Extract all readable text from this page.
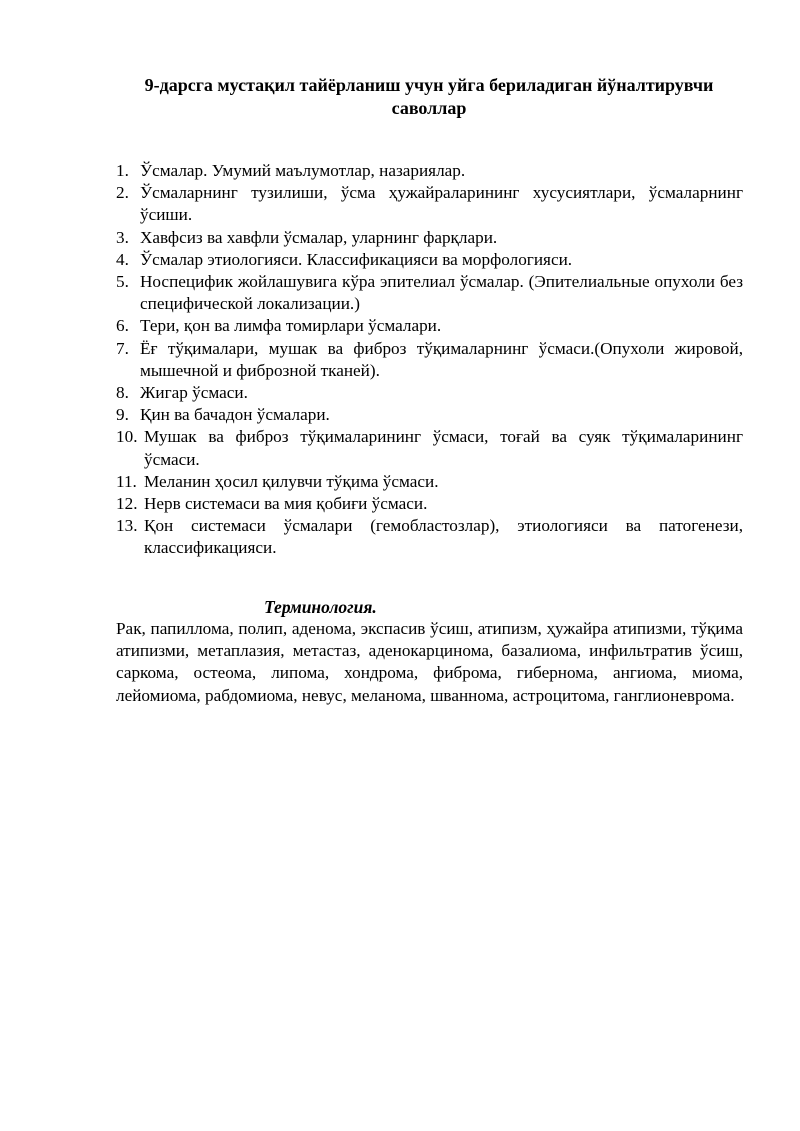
9-дарсга мустақил тайёрланиш учун уйга бериладиган йўналтирувчи саволлар
1. Ўсмалар. Умумий маълумотлар, назариялар.
2. Ўсмаларнинг тузилиши, ўсма ҳужайраларининг хусусиятлари, ўсмаларнинг ўсиши.
3. Хавфсиз ва хавфли ўсмалар, уларнинг фарқлари.
4. Ўсмалар этиологияси. Классификацияси ва морфологияси.
5. Носпецифик жойлашувига кўра эпителиал ўсмалар. (Эпителиальные опухоли без специфической локализации.)
6. Тери, қон ва лимфа томирлари ўсмалари.
7. Ёғ тўқималари, мушак ва фиброз тўқималарнинг ўсмаси.(Опухоли жировой, мышечной и фиброзной тканей).
8. Жигар ўсмаси.
9. Қин ва бачадон ўсмалари.
10. Мушак ва фиброз тўқималарининг ўсмаси, тоғай ва суяк тўқималарининг ўсмаси.
11. Меланин ҳосил қилувчи тўқима ўсмаси.
12. Нерв системаси ва мия қобиғи ўсмаси.
13. Қон системаси ўсмалари (гемобластозлар), этиологияси ва патогенези, классификацияси.
Терминология.
Рак, папиллома, полип, аденома, экспасив ўсиш, атипизм, ҳужайра атипизми, тўқима атипизми, метаплазия, метастаз, аденокарцинома, базалиома, инфильтратив ўсиш, саркома, остеома, липома, хондрома, фиброма, гибернома, ангиома, миома, лейомиома, рабдомиома, невус, меланома, шваннома, астроцитома, ганглионеврома.
